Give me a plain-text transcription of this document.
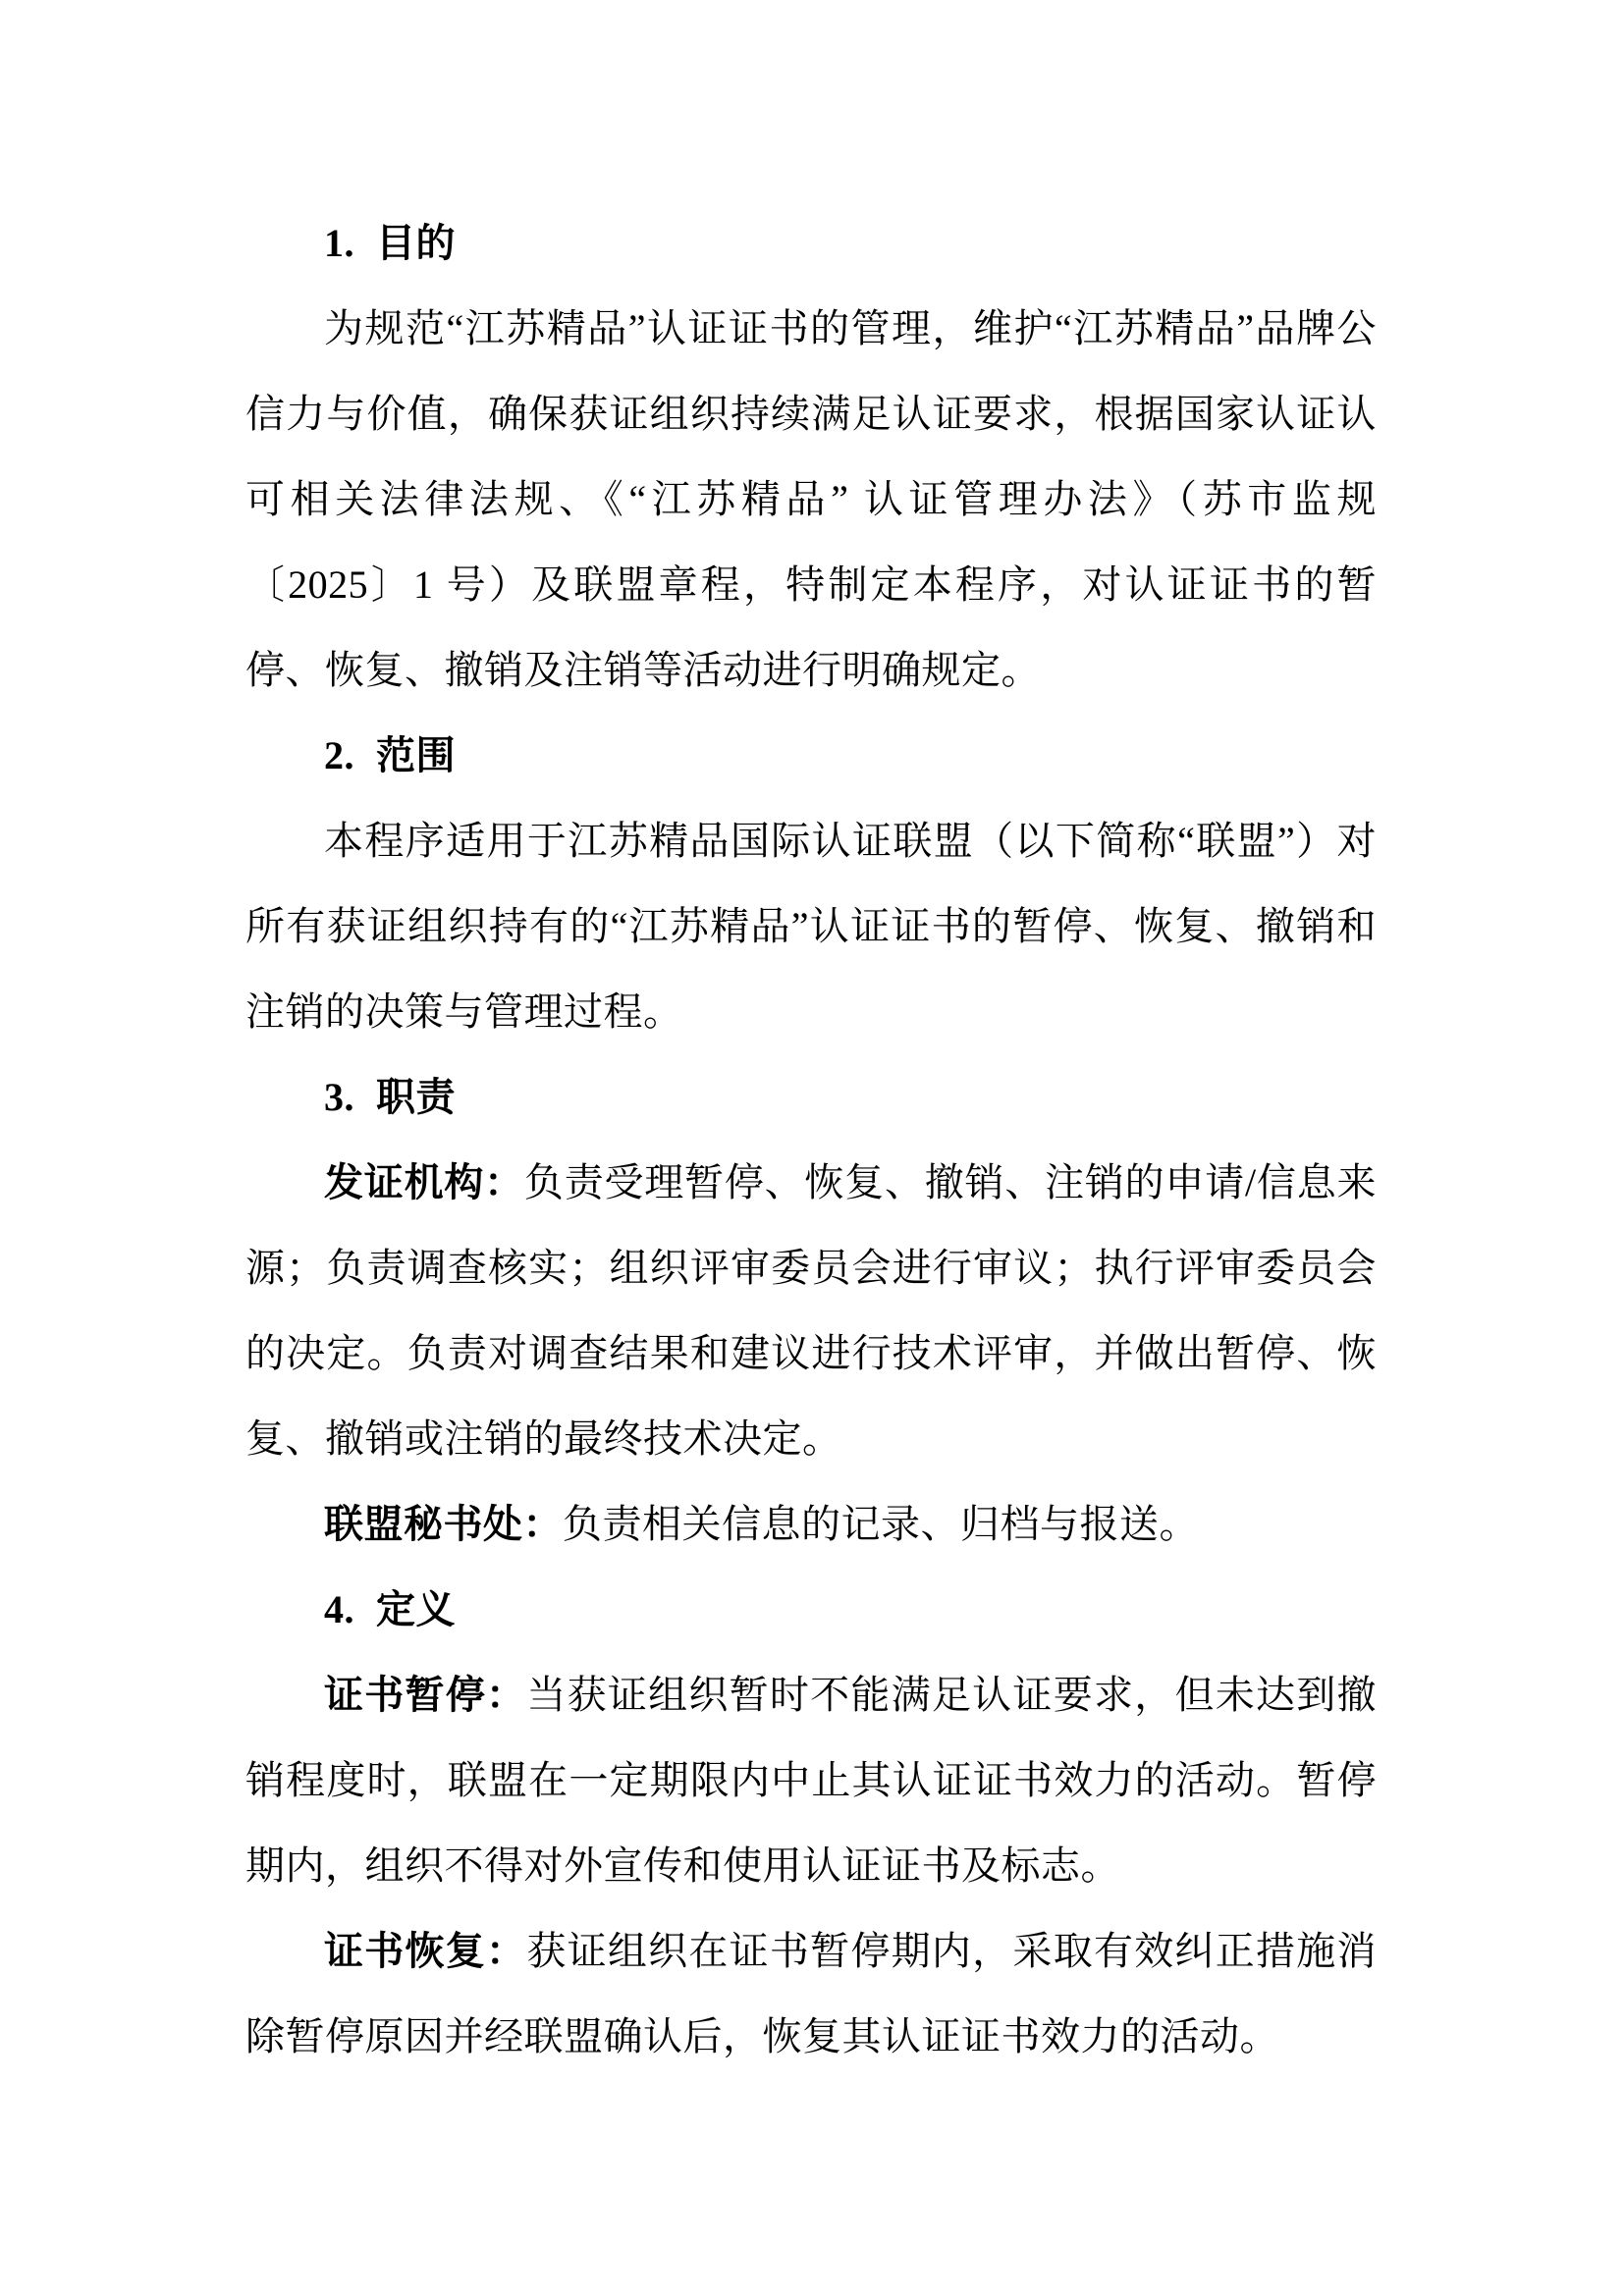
1. 目的

为规范“江苏精品”认证证书的管理，维护“江苏精品”品牌公信力与价值，确保获证组织持续满足认证要求，根据国家认证认可相关法律法规、《“江苏精品” 认证管理办法》（苏市监规〔2025〕1 号）及联盟章程，特制定本程序，对认证证书的暂停、恢复、撤销及注销等活动进行明确规定。

2. 范围

本程序适用于江苏精品国际认证联盟（以下简称“联盟”）对所有获证组织持有的“江苏精品”认证证书的暂停、恢复、撤销和注销的决策与管理过程。

3. 职责

发证机构：负责受理暂停、恢复、撤销、注销的申请/信息来源；负责调查核实；组织评审委员会进行审议；执行评审委员会的决定。负责对调查结果和建议进行技术评审，并做出暂停、恢复、撤销或注销的最终技术决定。

联盟秘书处：负责相关信息的记录、归档与报送。

4. 定义

证书暂停：当获证组织暂时不能满足认证要求，但未达到撤销程度时，联盟在一定期限内中止其认证证书效力的活动。暂停期内，组织不得对外宣传和使用认证证书及标志。

证书恢复：获证组织在证书暂停期内，采取有效纠正措施消除暂停原因并经联盟确认后，恢复其认证证书效力的活动。
